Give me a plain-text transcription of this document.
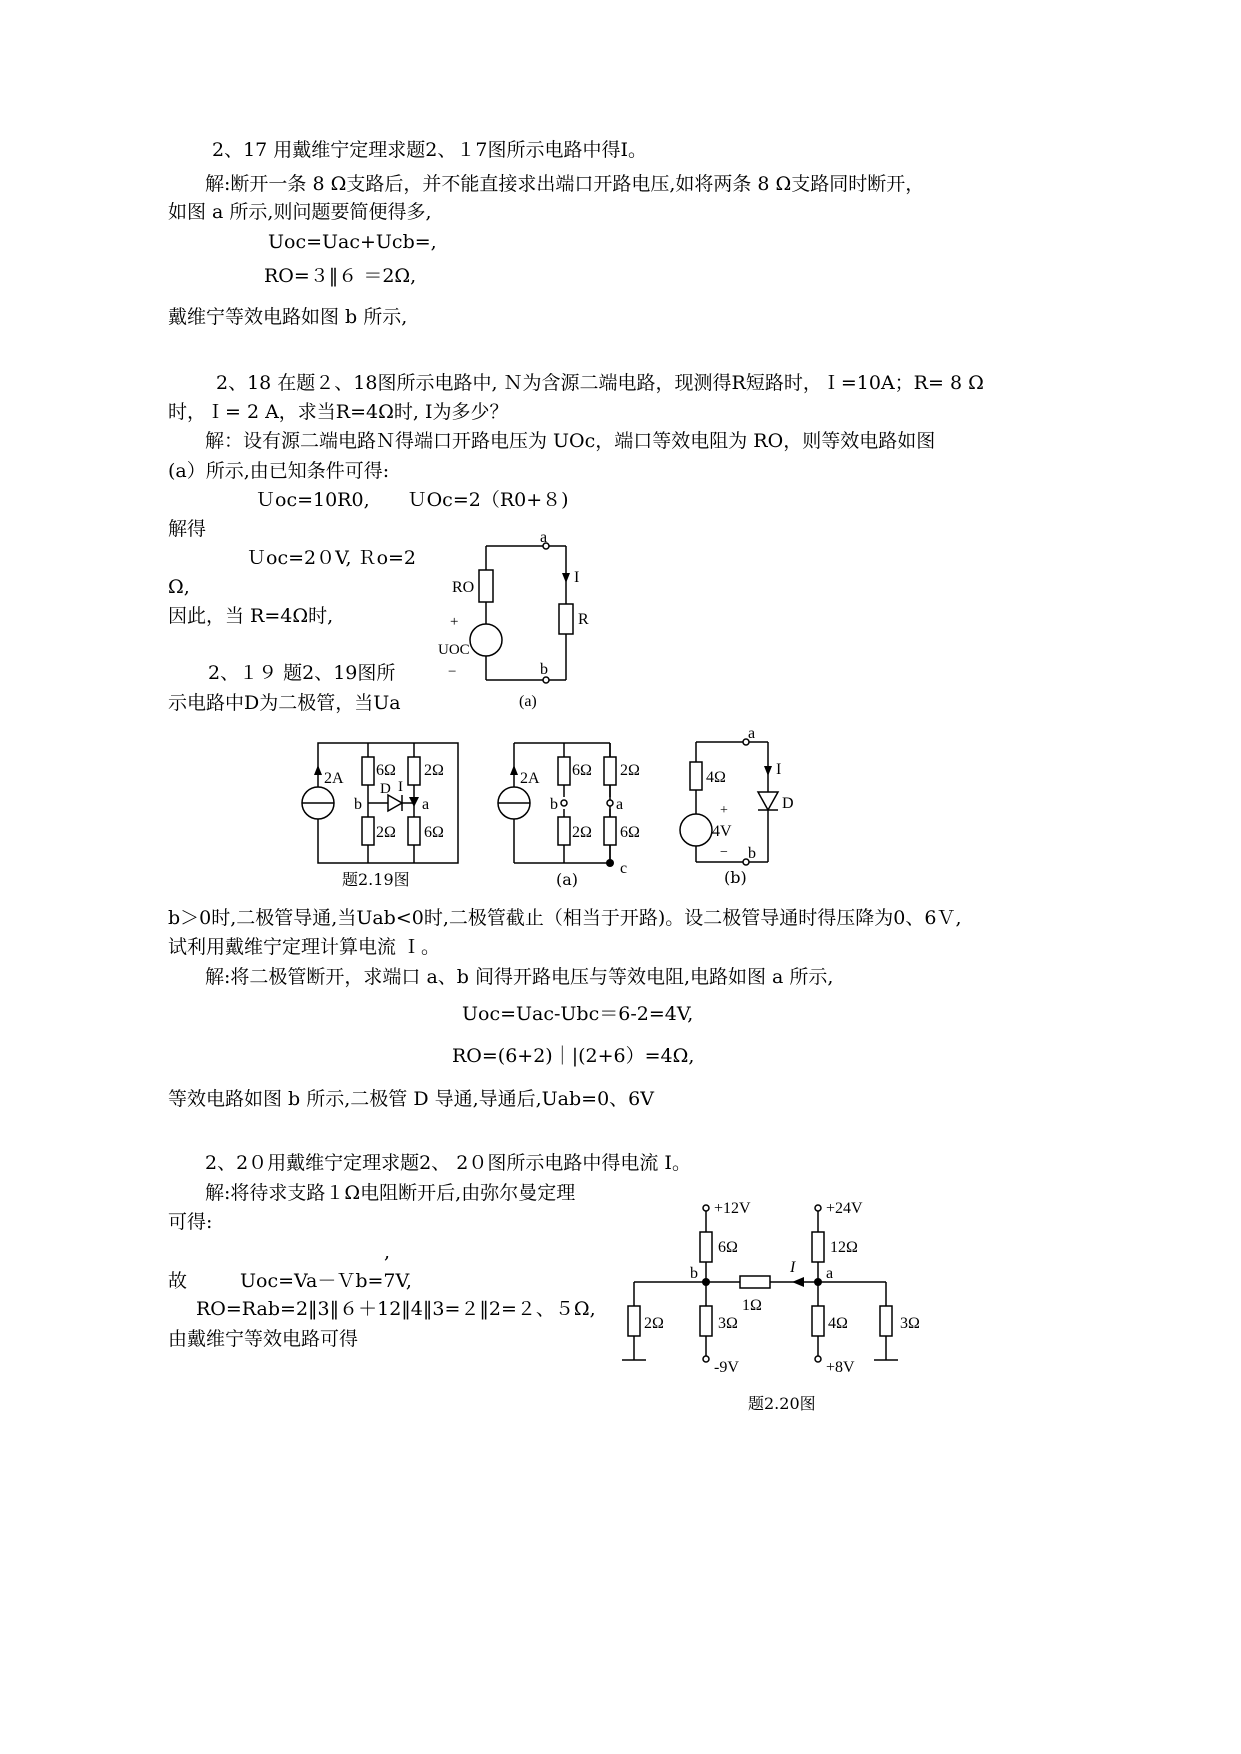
2、17 用戴维宁定理求题2、１7图所示电路中得I。
解:断开一条 8 Ω支路后，并不能直接求出端口开路电压,如将两条 8 Ω支路同时断开，
如图 a 所示,则问题要简便得多,
Uoc=Uac+Ucb=,
RO=３‖６ ＝2Ω,
戴维宁等效电路如图 b 所示,
2、18 在题２、18图所示电路中, Ｎ为含源二端电路，现测得R短路时，Ｉ=10A；R= 8 Ω
时，Ｉ= 2 A，求当R=4Ω时, I为多少？
解：设有源二端电路Ｎ得端口开路电压为 UOc，端口等效电阻为 RO，则等效电路如图
(a）所示,由已知条件可得:
Ｕoc=10R0,　　ＵOc=2（R0+８)
解得
Ｕoc=2０V, Ｒo=2
Ω,
因此，当 R=4Ω时,
a
b
I
R
RO
+
UOC
−
(a)
2、１９ 题2、19图所
示电路中D为二极管，当Ua
2A 6Ω 2Ω
D I
b	a
2Ω 6Ω
题2.19图
2A 6Ω 2Ω
b	a
2Ω 6Ω
c
(a)
a
I
D
4Ω
+
4V
− b
(b)
b＞0时,二极管导通,当Uab<0时,二极管截止（相当于开路)。设二极管导通时得压降为0、6Ｖ,
试利用戴维宁定理计算电流 Ｉ。
解:将二极管断开，求端口 a、b 间得开路电压与等效电阻,电路如图 a 所示,
Uoc=Uac-Ubc＝6-2=4V,
RO=(6+2)｜|(2+6）=4Ω,
等效电路如图 b 所示,二极管 D 导通,导通后,Uab=0、6V
2、2０用戴维宁定理求题2、 2０图所示电路中得电流 I。
解:将待求支路１Ω电阻断开后,由弥尔曼定理
可得:
,
故	Uoc=Va－Ｖb=7V,
RO=Rab=2‖3‖６＋12‖4‖3=２‖2=２、５Ω,
由戴维宁等效电路可得
+12V	+24V
6Ω	12Ω
b	a
I
1Ω
2Ω	3Ω	4Ω	3Ω
-9V	+8V
题2.20图
